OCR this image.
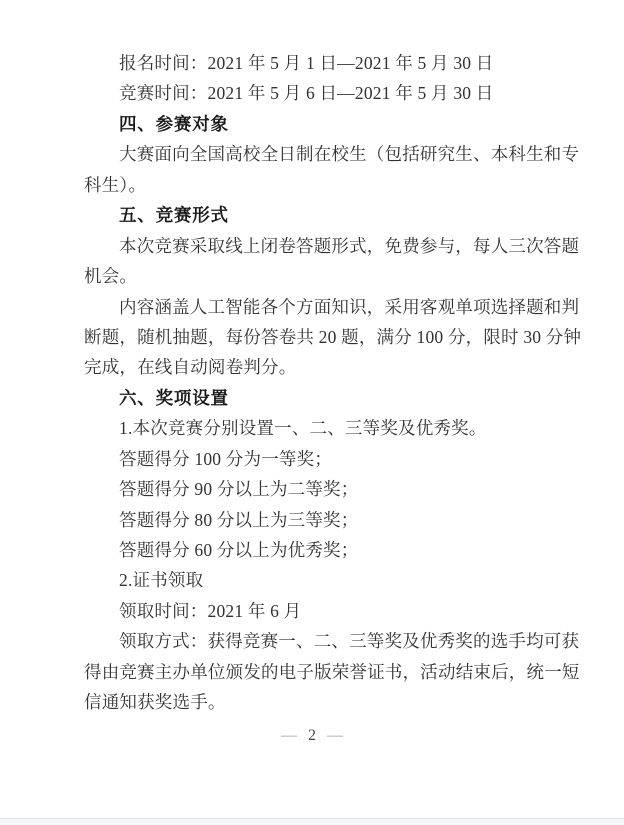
报名时间：2021 年 5 月 1 日—2021 年 5 月 30 日
竞赛时间：2021 年 5 月 6 日—2021 年 5 月 30 日
四、参赛对象
大赛面向全国高校全日制在校生（包括研究生、本科生和专
科生）。
五、竞赛形式
本次竞赛采取线上闭卷答题形式，免费参与，每人三次答题
机会。
内容涵盖人工智能各个方面知识，采用客观单项选择题和判
断题，随机抽题，每份答卷共 20 题，满分 100 分，限时 30 分钟
完成，在线自动阅卷判分。
六、奖项设置
1.本次竞赛分别设置一、二、三等奖及优秀奖。
答题得分 100 分为一等奖；
答题得分 90 分以上为二等奖；
答题得分 80 分以上为三等奖；
答题得分 60 分以上为优秀奖；
2.证书领取
领取时间：2021 年 6 月
领取方式：获得竞赛一、二、三等奖及优秀奖的选手均可获
得由竞赛主办单位颁发的电子版荣誉证书，活动结束后，统一短
信通知获奖选手。
— 2 —
